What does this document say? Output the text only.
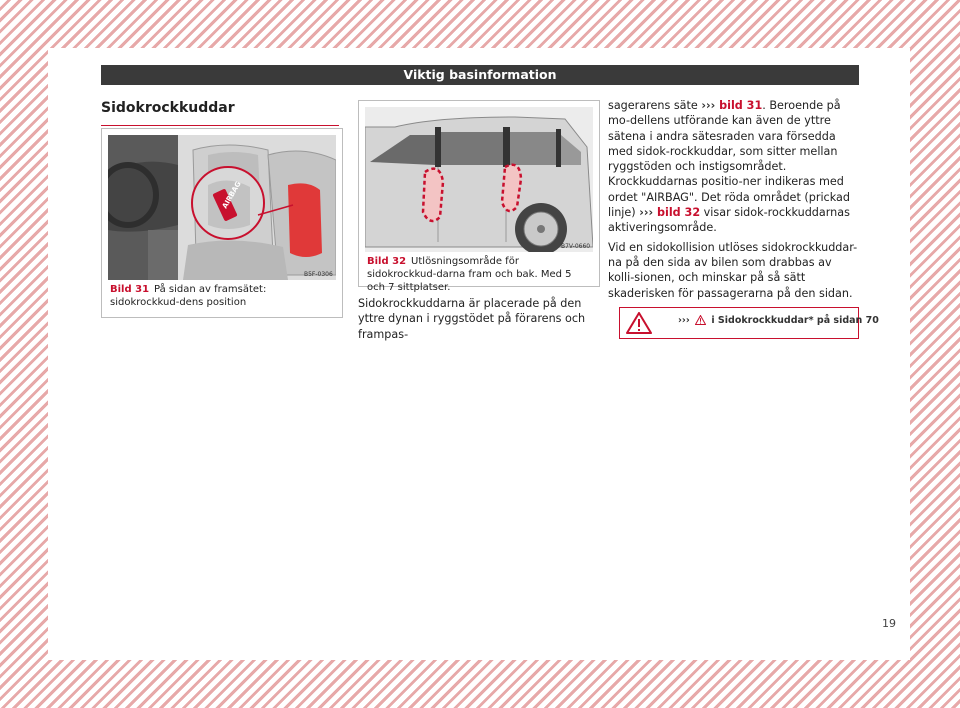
Viktig basinformation
Sidokrockkuddar
AIRBAG
B5F-0306
Bild 31 På sidan av framsätet: sidokrockkud-dens position
B7V-0660
Bild 32 Utlösningsområde för sidokrockkud-darna fram och bak. Med 5 och 7 sittplatser.

Sidokrockkuddarna är placerade på den yttre dynan i ryggstödet på förarens och frampas-

sagerarens säte ››› bild 31. Beroende på mo-dellens utförande kan även de yttre sätena i andra sätesraden vara försedda med sidok-rockkuddar, som sitter mellan ryggstöden och instigsområdet. Krockkuddarnas positio-ner indikeras med ordet "AIRBAG". Det röda området (prickad linje) ››› bild 32 visar sidok-rockkuddarnas aktiveringsområde.

Vid en sidokollision utlöses sidokrockkuddar-na på den sida av bilen som drabbas av kolli-sionen, och minskar på så sätt skaderisken för passagerarna på den sidan.

›››  i Sidokrockkuddar* på sidan 70
19
